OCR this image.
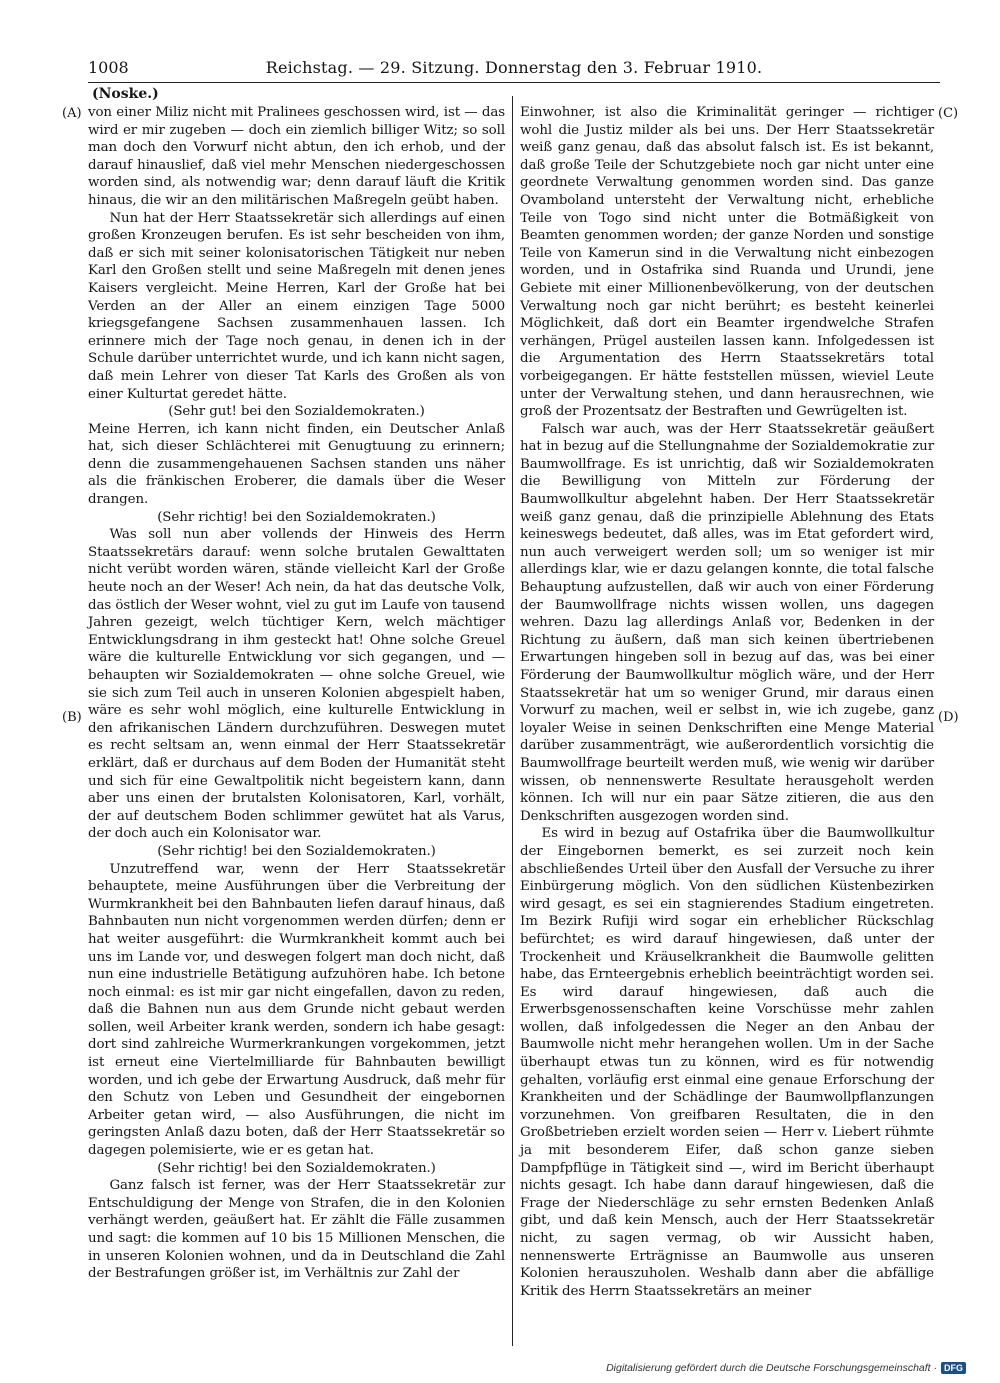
1008	Reichstag. — 29. Sitzung. Donnerstag den 3. Februar 1910.
(Noske.)
(A)
(B)
(C)
(D)

von einer Miliz nicht mit Pralinees geschossen wird, ist — das wird er mir zugeben — doch ein ziemlich billiger Witz; so soll man doch den Vorwurf nicht abtun, den ich erhob, und der darauf hinauslief, daß viel mehr Menschen niedergeschossen worden sind, als notwendig war; denn darauf läuft die Kritik hinaus, die wir an den militärischen Maßregeln geübt haben.

Nun hat der Herr Staatssekretär sich allerdings auf einen großen Kronzeugen berufen. Es ist sehr bescheiden von ihm, daß er sich mit seiner kolonisatorischen Tätigkeit nur neben Karl den Großen stellt und seine Maßregeln mit denen jenes Kaisers vergleicht. Meine Herren, Karl der Große hat bei Verden an der Aller an einem einzigen Tage 5000 kriegsgefangene Sachsen zusammenhauen lassen. Ich erinnere mich der Tage noch genau, in denen ich in der Schule darüber unterrichtet wurde, und ich kann nicht sagen, daß mein Lehrer von dieser Tat Karls des Großen als von einer Kulturtat geredet hätte.

(Sehr gut! bei den Sozialdemokraten.)

Meine Herren, ich kann nicht finden, ein Deutscher Anlaß hat, sich dieser Schlächterei mit Genugtuung zu erinnern; denn die zusammengehauenen Sachsen standen uns näher als die fränkischen Eroberer, die damals über die Weser drangen.

(Sehr richtig! bei den Sozialdemokraten.)

Was soll nun aber vollends der Hinweis des Herrn Staatssekretärs darauf: wenn solche brutalen Gewalttaten nicht verübt worden wären, stände vielleicht Karl der Große heute noch an der Weser! Ach nein, da hat das deutsche Volk, das östlich der Weser wohnt, viel zu gut im Laufe von tausend Jahren gezeigt, welch tüchtiger Kern, welch mächtiger Entwicklungsdrang in ihm gesteckt hat! Ohne solche Greuel wäre die kulturelle Entwicklung vor sich gegangen, und — behaupten wir Sozialdemokraten — ohne solche Greuel, wie sie sich zum Teil auch in unseren Kolonien abgespielt haben, wäre es sehr wohl möglich, eine kulturelle Entwicklung in den afrikanischen Ländern durchzuführen. Deswegen mutet es recht seltsam an, wenn einmal der Herr Staatssekretär erklärt, daß er durchaus auf dem Boden der Humanität steht und sich für eine Gewaltpolitik nicht begeistern kann, dann aber uns einen der brutalsten Kolonisatoren, Karl, vorhält, der auf deutschem Boden schlimmer gewütet hat als Varus, der doch auch ein Kolonisator war.

(Sehr richtig! bei den Sozialdemokraten.)

Unzutreffend war, wenn der Herr Staatssekretär behauptete, meine Ausführungen über die Verbreitung der Wurmkrankheit bei den Bahnbauten liefen darauf hinaus, daß Bahnbauten nun nicht vorgenommen werden dürfen; denn er hat weiter ausgeführt: die Wurmkrankheit kommt auch bei uns im Lande vor, und deswegen folgert man doch nicht, daß nun eine industrielle Betätigung aufzuhören habe. Ich betone noch einmal: es ist mir gar nicht eingefallen, davon zu reden, daß die Bahnen nun aus dem Grunde nicht gebaut werden sollen, weil Arbeiter krank werden, sondern ich habe gesagt: dort sind zahlreiche Wurmerkrankungen vorgekommen, jetzt ist erneut eine Viertelmilliarde für Bahnbauten bewilligt worden, und ich gebe der Erwartung Ausdruck, daß mehr für den Schutz von Leben und Gesundheit der eingebornen Arbeiter getan wird, — also Ausführungen, die nicht im geringsten Anlaß dazu boten, daß der Herr Staatssekretär so dagegen polemisierte, wie er es getan hat.

(Sehr richtig! bei den Sozialdemokraten.)

Ganz falsch ist ferner, was der Herr Staatssekretär zur Entschuldigung der Menge von Strafen, die in den Kolonien verhängt werden, geäußert hat. Er zählt die Fälle zusammen und sagt: die kommen auf 10 bis 15 Millionen Menschen, die in unseren Kolonien wohnen, und da in Deutschland die Zahl der Bestrafungen größer ist, im Verhältnis zur Zahl der

Einwohner, ist also die Kriminalität geringer — richtiger wohl die Justiz milder als bei uns. Der Herr Staatssekretär weiß ganz genau, daß das absolut falsch ist. Es ist bekannt, daß große Teile der Schutzgebiete noch gar nicht unter eine geordnete Verwaltung genommen worden sind. Das ganze Ovamboland untersteht der Verwaltung nicht, erhebliche Teile von Togo sind nicht unter die Botmäßigkeit von Beamten genommen worden; der ganze Norden und sonstige Teile von Kamerun sind in die Verwaltung nicht einbezogen worden, und in Ostafrika sind Ruanda und Urundi, jene Gebiete mit einer Millionenbevölkerung, von der deutschen Verwaltung noch gar nicht berührt; es besteht keinerlei Möglichkeit, daß dort ein Beamter irgendwelche Strafen verhängen, Prügel austeilen lassen kann. Infolgedessen ist die Argumentation des Herrn Staatssekretärs total vorbeigegangen. Er hätte feststellen müssen, wieviel Leute unter der Verwaltung stehen, und dann herausrechnen, wie groß der Prozentsatz der Bestraften und Gewrügelten ist.

Falsch war auch, was der Herr Staatssekretär geäußert hat in bezug auf die Stellungnahme der Sozialdemokratie zur Baumwollfrage. Es ist unrichtig, daß wir Sozialdemokraten die Bewilligung von Mitteln zur Förderung der Baumwollkultur abgelehnt haben. Der Herr Staatssekretär weiß ganz genau, daß die prinzipielle Ablehnung des Etats keineswegs bedeutet, daß alles, was im Etat gefordert wird, nun auch verweigert werden soll; um so weniger ist mir allerdings klar, wie er dazu gelangen konnte, die total falsche Behauptung aufzustellen, daß wir auch von einer Förderung der Baumwollfrage nichts wissen wollen, uns dagegen wehren. Dazu lag allerdings Anlaß vor, Bedenken in der Richtung zu äußern, daß man sich keinen übertriebenen Erwartungen hingeben soll in bezug auf das, was bei einer Förderung der Baumwollkultur möglich wäre, und der Herr Staatssekretär hat um so weniger Grund, mir daraus einen Vorwurf zu machen, weil er selbst in, wie ich zugebe, ganz loyaler Weise in seinen Denkschriften eine Menge Material darüber zusammenträgt, wie außerordentlich vorsichtig die Baumwollfrage beurteilt werden muß, wie wenig wir darüber wissen, ob nennenswerte Resultate herausgeholt werden können. Ich will nur ein paar Sätze zitieren, die aus den Denkschriften ausgezogen worden sind.

Es wird in bezug auf Ostafrika über die Baumwollkultur der Eingebornen bemerkt, es sei zurzeit noch kein abschließendes Urteil über den Ausfall der Versuche zu ihrer Einbürgerung möglich. Von den südlichen Küstenbezirken wird gesagt, es sei ein stagnierendes Stadium eingetreten. Im Bezirk Rufiji wird sogar ein erheblicher Rückschlag befürchtet; es wird darauf hingewiesen, daß unter der Trockenheit und Kräuselkrankheit die Baumwolle gelitten habe, das Ernteergebnis erheblich beeinträchtigt worden sei. Es wird darauf hingewiesen, daß auch die Erwerbsgenossenschaften keine Vorschüsse mehr zahlen wollen, daß infolgedessen die Neger an den Anbau der Baumwolle nicht mehr herangehen wollen. Um in der Sache überhaupt etwas tun zu können, wird es für notwendig gehalten, vorläufig erst einmal eine genaue Erforschung der Krankheiten und der Schädlinge der Baumwollpflanzungen vorzunehmen. Von greifbaren Resultaten, die in den Großbetrieben erzielt worden seien — Herr v. Liebert rühmte ja mit besonderem Eifer, daß schon ganze sieben Dampfpflüge in Tätigkeit sind —, wird im Bericht überhaupt nichts gesagt. Ich habe dann darauf hingewiesen, daß die Frage der Niederschläge zu sehr ernsten Bedenken Anlaß gibt, und daß kein Mensch, auch der Herr Staatssekretär nicht, zu sagen vermag, ob wir Aussicht haben, nennenswerte Erträgnisse an Baumwolle aus unseren Kolonien herauszuholen. Weshalb dann aber die abfällige Kritik des Herrn Staatssekretärs an meiner

Digitalisierung gefördert durch die Deutsche Forschungsgemeinschaft · DFG
